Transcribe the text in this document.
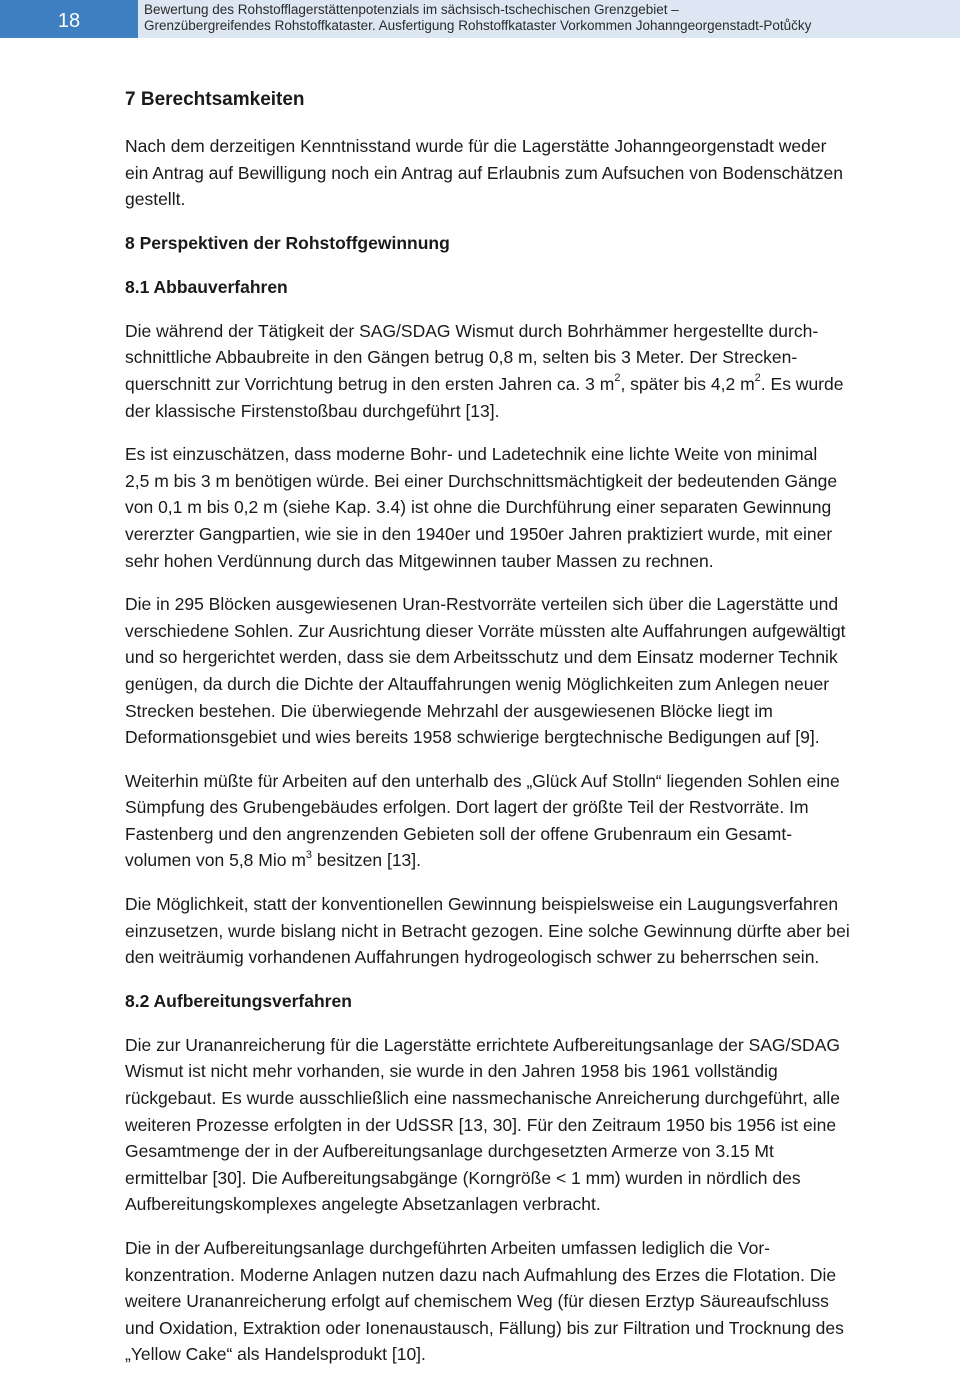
18	Bewertung des Rohstofflagerstättenpotenzials im sächsisch-tschechischen Grenzgebiet –
Grenzübergreifendes Rohstoffkataster. Ausfertigung Rohstoffkataster Vorkommen Johanngeorgenstadt-Potůčky
7 Berechtsamkeiten
Nach dem derzeitigen Kenntnisstand wurde für die Lagerstätte Johanngeorgenstadt weder
ein Antrag auf Bewilligung noch ein Antrag auf Erlaubnis zum Aufsuchen von Bodenschätzen
gestellt.
8 Perspektiven der Rohstoffgewinnung
8.1 Abbauverfahren
Die während der Tätigkeit der SAG/SDAG Wismut durch Bohrhämmer hergestellte durch-
schnittliche Abbaubreite in den Gängen betrug 0,8 m, selten bis 3 Meter. Der Strecken-
querschnitt zur Vorrichtung betrug in den ersten Jahren ca. 3 $m^2$, später bis 4,2 $m^2$. Es wurde
der klassische Firstenstoßbau durchgeführt [13].
Es ist einzuschätzen, dass moderne Bohr- und Ladetechnik eine lichte Weite von minimal
2,5 m bis 3 m benötigen würde. Bei einer Durchschnittsmächtigkeit der bedeutenden Gänge
von 0,1 m bis 0,2 m (siehe Kap. 3.4) ist ohne die Durchführung einer separaten Gewinnung
vererzter Gangpartien, wie sie in den 1940er und 1950er Jahren praktiziert wurde, mit einer
sehr hohen Verdünnung durch das Mitgewinnen tauber Massen zu rechnen.
Die in 295 Blöcken ausgewiesenen Uran-Restvorräte verteilen sich über die Lagerstätte und
verschiedene Sohlen. Zur Ausrichtung dieser Vorräte müssten alte Auffahrungen aufgewältigt
und so hergerichtet werden, dass sie dem Arbeitsschutz und dem Einsatz moderner Technik
genügen, da durch die Dichte der Altauffahrungen wenig Möglichkeiten zum Anlegen neuer
Strecken bestehen. Die überwiegende Mehrzahl der ausgewiesenen Blöcke liegt im
Deformationsgebiet und wies bereits 1958 schwierige bergtechnische Bedigungen auf [9].
Weiterhin müßte für Arbeiten auf den unterhalb des „Glück Auf Stolln“ liegenden Sohlen eine
Sümpfung des Grubengebäudes erfolgen. Dort lagert der größte Teil der Restvorräte. Im
Fastenberg und den angrenzenden Gebieten soll der offene Grubenraum ein Gesamt-
volumen von 5,8 Mio $m^3$ besitzen [13].
Die Möglichkeit, statt der konventionellen Gewinnung beispielsweise ein Laugungsverfahren
einzusetzen, wurde bislang nicht in Betracht gezogen. Eine solche Gewinnung dürfte aber bei
den weiträumig vorhandenen Auffahrungen hydrogeologisch schwer zu beherrschen sein.
8.2 Aufbereitungsverfahren
Die zur Urananreicherung für die Lagerstätte errichtete Aufbereitungsanlage der SAG/SDAG
Wismut ist nicht mehr vorhanden, sie wurde in den Jahren 1958 bis 1961 vollständig
rückgebaut. Es wurde ausschließlich eine nassmechanische Anreicherung durchgeführt, alle
weiteren Prozesse erfolgten in der UdSSR [13, 30]. Für den Zeitraum 1950 bis 1956 ist eine
Gesamtmenge der in der Aufbereitungsanlage durchgesetzten Armerze von 3.15 Mt
ermittelbar [30]. Die Aufbereitungsabgänge (Korngröße < 1 mm) wurden in nördlich des
Aufbereitungskomplexes angelegte Absetzanlagen verbracht.
Die in der Aufbereitungsanlage durchgeführten Arbeiten umfassen lediglich die Vor-
konzentration. Moderne Anlagen nutzen dazu nach Aufmahlung des Erzes die Flotation. Die
weitere Urananreicherung erfolgt auf chemischem Weg (für diesen Erztyp Säureaufschluss
und Oxidation, Extraktion oder Ionenaustausch, Fällung) bis zur Filtration und Trocknung des
„Yellow Cake“ als Handelsprodukt [10].
